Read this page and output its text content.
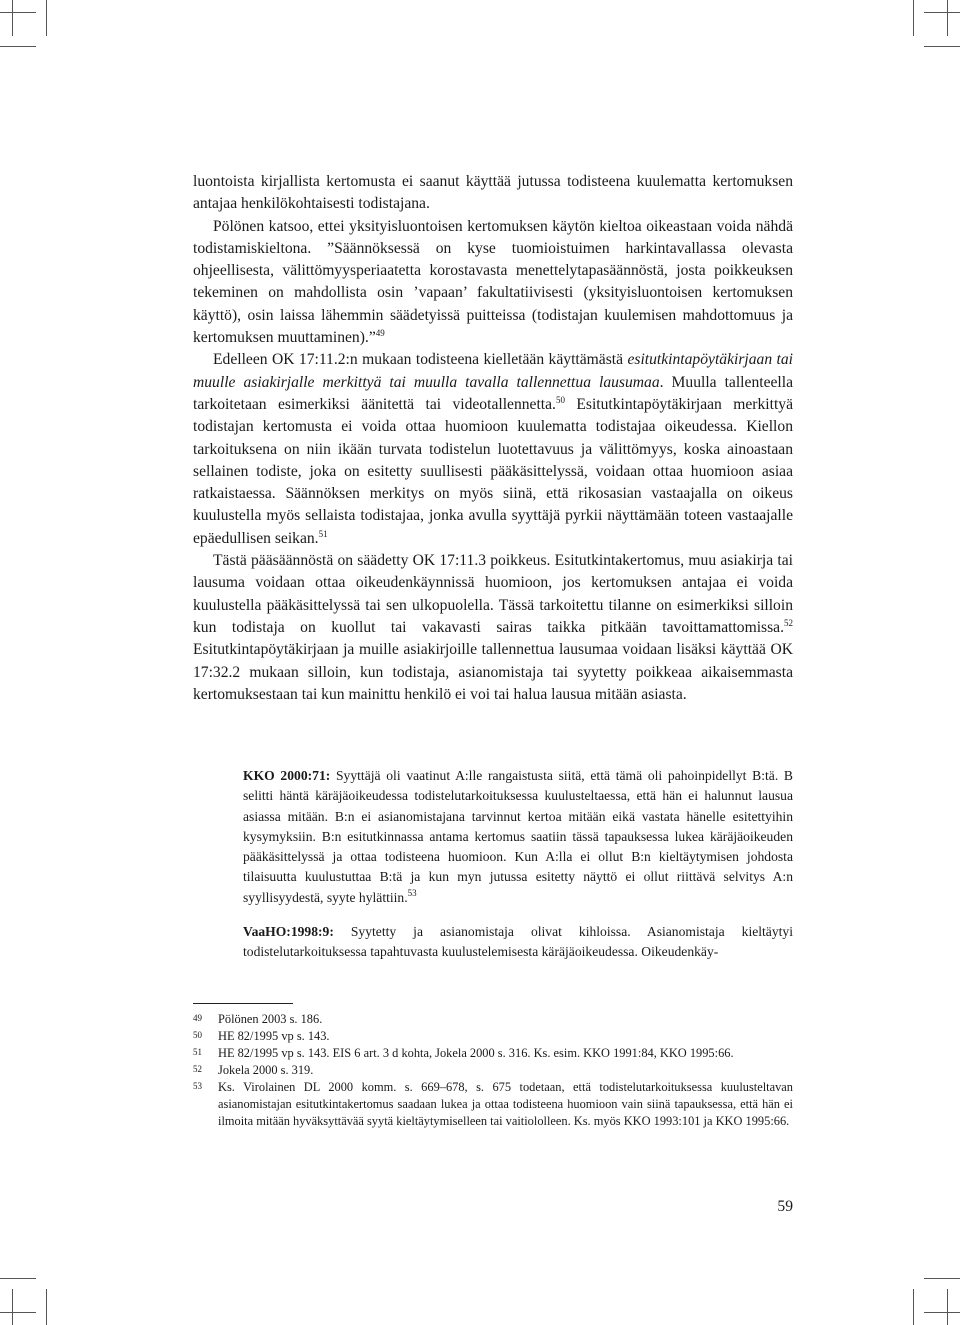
luontoista kirjallista kertomusta ei saanut käyttää jutussa todisteena kuulematta kertomuksen antajaa henkilökohtaisesti todistajana.

Pölönen katsoo, ettei yksityisluontoisen kertomuksen käytön kieltoa oikeastaan voida nähdä todistamiskieltona. ”Säännöksessä on kyse tuomioistuimen harkintavallassa olevasta ohjeellisesta, välittömyysperiaatetta korostavasta menettelytapasäännöstä, josta poikkeuksen tekeminen on mahdollista osin ’vapaan’ fakultatiivisesti (yksityisluontoisen kertomuksen käyttö), osin laissa lähemmin säädetyissä puitteissa (todistajan kuulemisen mahdottomuus ja kertomuksen muuttaminen).”$^{49}$

Edelleen OK 17:11.2:n mukaan todisteena kielletään käyttämästä esitutkintapöytäkirjaan tai muulle asiakirjalle merkittyä tai muulla tavalla tallennettua lausumaa. Muulla tallenteella tarkoitetaan esimerkiksi äänitettä tai videotallennetta.$^{50}$ Esitutkintapöytäkirjaan merkittyä todistajan kertomusta ei voida ottaa huomioon kuulematta todistajaa oikeudessa. Kiellon tarkoituksena on niin ikään turvata todistelun luotettavuus ja välittömyys, koska ainoastaan sellainen todiste, joka on esitetty suullisesti pääkäsittelyssä, voidaan ottaa huomioon asiaa ratkaistaessa. Säännöksen merkitys on myös siinä, että rikosasian vastaajalla on oikeus kuulustella myös sellaista todistajaa, jonka avulla syyttäjä pyrkii näyttämään toteen vastaajalle epäedullisen seikan.$^{51}$

Tästä pääsäännöstä on säädetty OK 17:11.3 poikkeus. Esitutkintakertomus, muu asiakirja tai lausuma voidaan ottaa oikeudenkäynnissä huomioon, jos kertomuksen antajaa ei voida kuulustella pääkäsittelyssä tai sen ulkopuolella. Tässä tarkoitettu tilanne on esimerkiksi silloin kun todistaja on kuollut tai vakavasti sairas taikka pitkään tavoittamattomissa.$^{52}$ Esitutkintapöytäkirjaan ja muille asiakirjoille tallennettua lausumaa voidaan lisäksi käyttää OK 17:32.2 mukaan silloin, kun todistaja, asianomistaja tai syytetty poikkeaa aikaisemmasta kertomuksestaan tai kun mainittu henkilö ei voi tai halua lausua mitään asiasta.

KKO 2000:71: Syyttäjä oli vaatinut A:lle rangaistusta siitä, että tämä oli pahoinpidellyt B:tä. B selitti häntä käräjäoikeudessa todistelutarkoituksessa kuulusteltaessa, että hän ei halunnut lausua asiassa mitään. B:n ei asianomistajana tarvinnut kertoa mitään eikä vastata hänelle esitettyihin kysymyksiin. B:n esitutkinnassa antama kertomus saatiin tässä tapauksessa lukea käräjäoikeuden pääkäsittelyssä ja ottaa todisteena huomioon. Kun A:lla ei ollut B:n kieltäytymisen johdosta tilaisuutta kuulustuttaa B:tä ja kun myn jutussa esitetty näyttö ei ollut riittävä selvitys A:n syyllisyydestä, syyte hylättiin.$^{53}$

VaaHO:1998:9: Syytetty ja asianomistaja olivat kihloissa. Asianomistaja kieltäytyi todistelutarkoituksessa tapahtuvasta kuulustelemisesta käräjäoikeudessa. Oikeudenkäy-

49	Pölönen 2003 s. 186.
50	HE 82/1995 vp s. 143.
51	HE 82/1995 vp s. 143. EIS 6 art. 3 d kohta, Jokela 2000 s. 316. Ks. esim. KKO 1991:84, KKO 1995:66.
52	Jokela 2000 s. 319.
53	Ks. Virolainen DL 2000 komm. s. 669–678, s. 675 todetaan, että todistelutarkoituksessa kuulusteltavan asianomistajan esitutkintakertomus saadaan lukea ja ottaa todisteena huomioon vain siinä tapauksessa, että hän ei ilmoita mitään hyväksyttävää syytä kieltäytymiselleen tai vaitiololleen. Ks. myös KKO 1993:101 ja KKO 1995:66.
59
